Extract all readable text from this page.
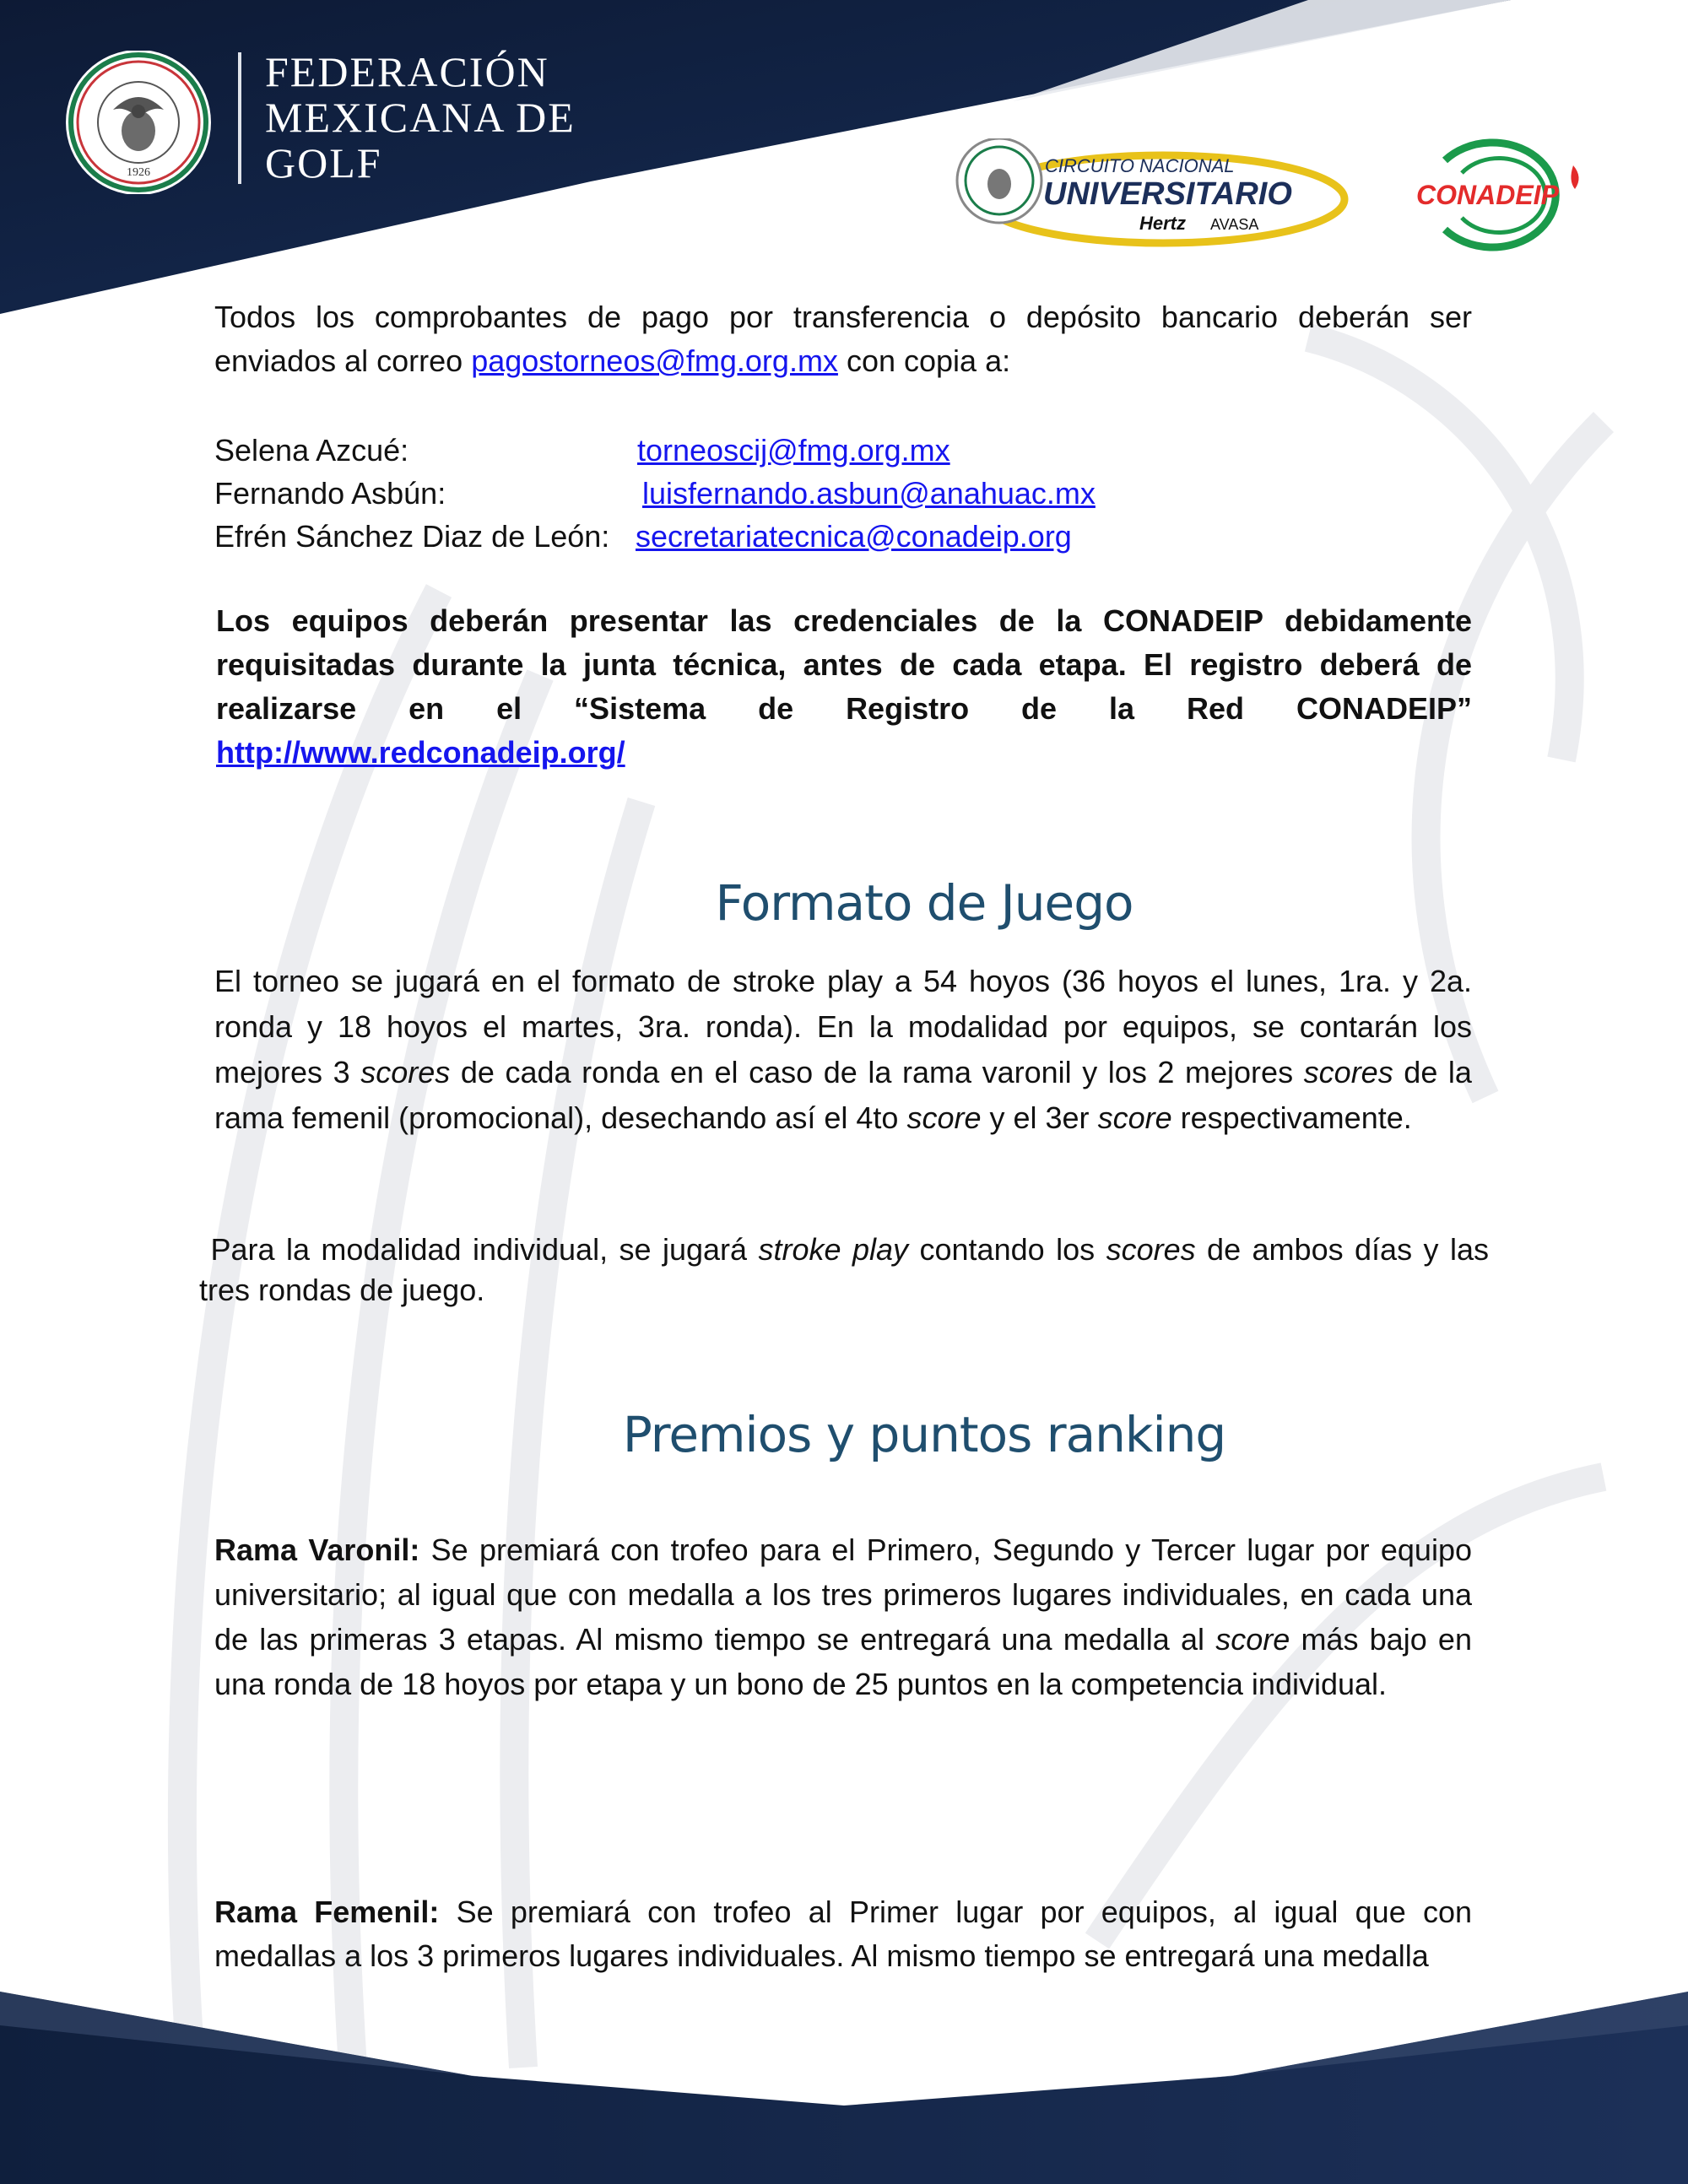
1926
FEDERACIÓN
MEXICANA DE
GOLF	CIRCUITO NACIONAL
UNIVERSITARIO
Hertz AVASA
CONADEIP
Todos los comprobantes de pago por transferencia o depósito bancario deberán ser enviados al correo pagostorneos@fmg.org.mx con copia a:
Selena Azcué:	torneoscij@fmg.org.mx
Fernando Asbún:	luisfernando.asbun@anahuac.mx
Efrén Sánchez Diaz de León: secretariatecnica@conadeip.org
Los equipos deberán presentar las credenciales de la CONADEIP debidamente requisitadas durante la junta técnica, antes de cada etapa. El registro deberá de realizarse en el “Sistema de Registro de la Red CONADEIP” http://www.redconadeip.org/
Formato de Juego
El torneo se jugará en el formato de stroke play a 54 hoyos (36 hoyos el lunes, 1ra. y 2a. ronda y 18 hoyos el martes, 3ra. ronda). En la modalidad por equipos, se contarán los mejores 3 scores de cada ronda en el caso de la rama varonil y los 2 mejores scores de la rama femenil (promocional), desechando así el 4to score y el 3er score respectivamente.
Para la modalidad individual, se jugará stroke play contando los scores de ambos días y las tres rondas de juego.
Premios y puntos ranking
Rama Varonil: Se premiará con trofeo para el Primero, Segundo y Tercer lugar por equipo universitario; al igual que con medalla a los tres primeros lugares individuales, en cada una de las primeras 3 etapas. Al mismo tiempo se entregará una medalla al score más bajo en una ronda de 18 hoyos por etapa y un bono de 25 puntos en la competencia individual.
Rama Femenil: Se premiará con trofeo al Primer lugar por equipos, al igual que con medallas a los 3 primeros lugares individuales. Al mismo tiempo se entregará una medalla
